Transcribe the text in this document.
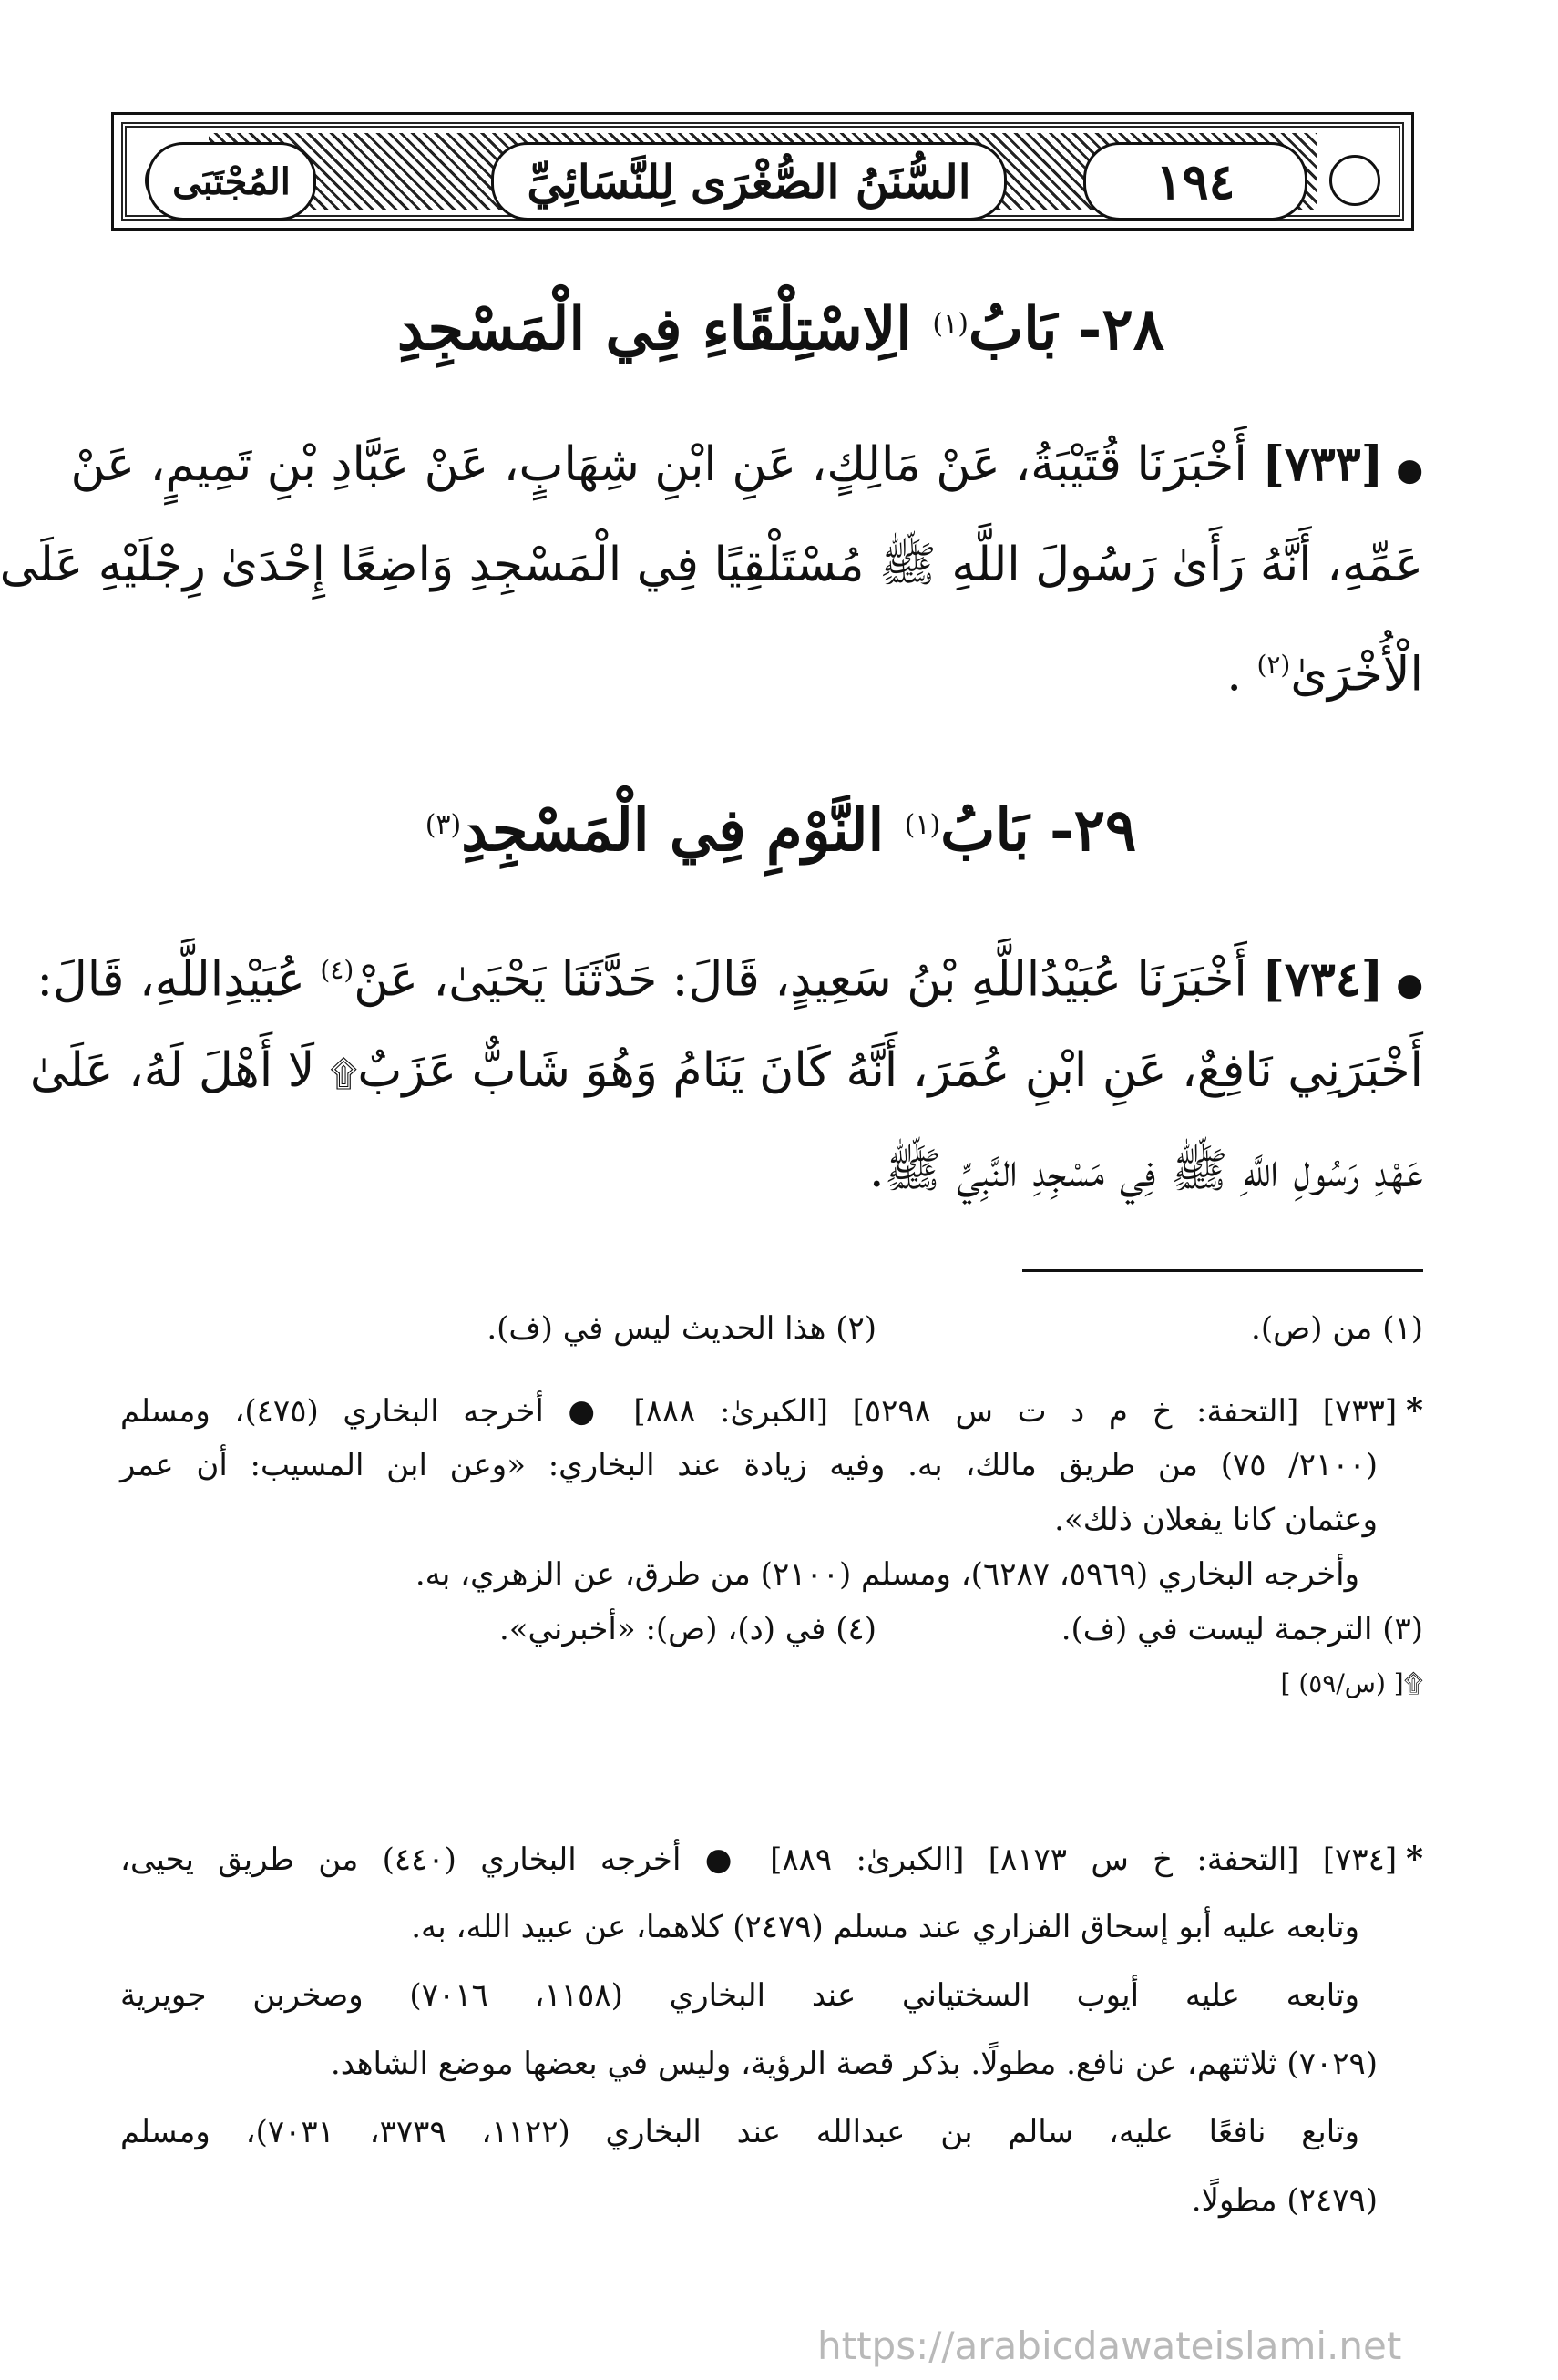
١٩٤
السُّنَنُ الصُّغْرَى لِلنَّسَائِيِّ
المُجْتَبَى
٢٨- بَابُ$^{(١)}$ الِاسْتِلْقَاءِ فِي الْمَسْجِدِ
●[٧٣٣] أَخْبَرَنَا قُتَيْبَةُ، عَنْ مَالِكٍ، عَنِ ابْنِ شِهَابٍ، عَنْ عَبَّادِ بْنِ تَمِيمٍ، عَنْ
عَمِّهِ، أَنَّهُ رَأَىٰ رَسُولَ اللَّهِ ﷺ مُسْتَلْقِيًا فِي الْمَسْجِدِ وَاضِعًا إِحْدَىٰ رِجْلَيْهِ عَلَى
الْأُخْرَىٰ$^{(٢)}$ .
٢٩- بَابُ$^{(١)}$ النَّوْمِ فِي الْمَسْجِدِ$^{(٣)}$
●[٧٣٤] أَخْبَرَنَا عُبَيْدُاللَّهِ بْنُ سَعِيدٍ، قَالَ: حَدَّثَنَا يَحْيَىٰ، عَنْ$^{(٤)}$ عُبَيْدِاللَّهِ، قَالَ:
أَخْبَرَنِي نَافِعٌ، عَنِ ابْنِ عُمَرَ، أَنَّهُ كَانَ يَنَامُ وَهُوَ شَابٌّ عَزَبٌ۩ لَا أَهْلَ لَهُ، عَلَىٰ
عَهْدِ رَسُولِ اللَّهِ ﷺ فِي مَسْجِدِ النَّبِيِّ ﷺ.
(١) من (ص).
(٢) هذا الحديث ليس في (ف).
*[٧٣٣] [التحفة: خ م د ت س ٥٢٩٨] [الكبرىٰ: ٨٨٨] ● أخرجه البخاري (٤٧٥)، ومسلم
(٢١٠٠/ ٧٥) من طريق مالك، به. وفيه زيادة عند البخاري: «وعن ابن المسيب: أن عمر
وعثمان كانا يفعلان ذلك».
وأخرجه البخاري (٥٩٦٩، ٦٢٨٧)، ومسلم (٢١٠٠) من طرق، عن الزهري، به.
(٣) الترجمة ليست في (ف).
(٤) في (د)، (ص): «أخبرني».
۩[ (س/٥٩) ]
*[٧٣٤] [التحفة: خ س ٨١٧٣] [الكبرىٰ: ٨٨٩] ● أخرجه البخاري (٤٤٠) من طريق يحيى،
وتابعه عليه أبو إسحاق الفزاري عند مسلم (٢٤٧٩) كلاهما، عن عبيد الله، به.
وتابعه عليه أيوب السختياني عند البخاري (١١٥٨، ٧٠١٦) وصخربن جويرية
(٧٠٢٩) ثلاثتهم، عن نافع. مطولًا. بذكر قصة الرؤية، وليس في بعضها موضع الشاهد.
وتابع نافعًا عليه، سالم بن عبدالله عند البخاري (١١٢٢، ٣٧٣٩، ٧٠٣١)، ومسلم
(٢٤٧٩) مطولًا.
https://arabicdawateislami.net
